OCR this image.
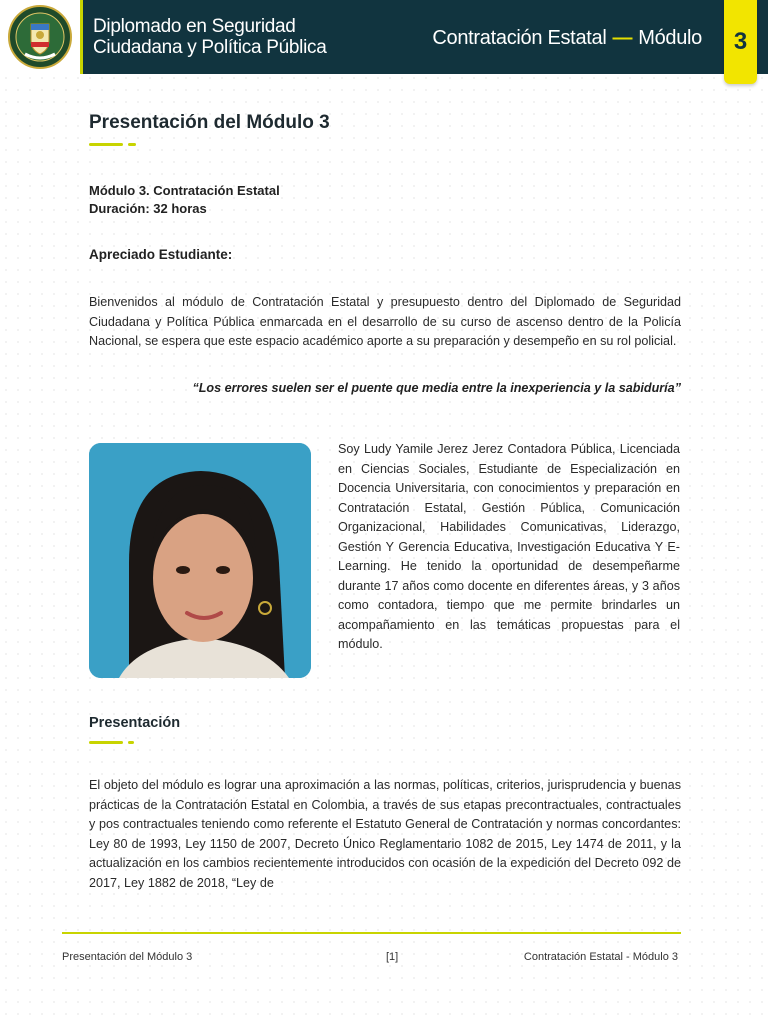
Diplomado en Seguridad
Ciudadana y Política Pública	Contratación Estatal — Módulo	3
Presentación del Módulo 3
Módulo 3. Contratación Estatal
Duración: 32 horas
Apreciado Estudiante:

Bienvenidos al módulo de Contratación Estatal y presupuesto dentro del Diplomado de Seguridad Ciudadana y Política Pública enmarcada en el desarrollo de su curso de ascenso dentro de la Policía Nacional, se espera que este espacio académico aporte a su preparación y desempeño en su rol policial.

“Los errores suelen ser el puente que media entre la inexperiencia y la sabiduría”

Soy Ludy Yamile Jerez Jerez Contadora Pública, Licenciada en Ciencias Sociales, Estudiante de Especialización en Docencia Universitaria, con conocimientos y preparación en Contratación Estatal, Gestión Pública, Comunicación Organizacional, Habilidades Comunicativas, Liderazgo, Gestión Y Gerencia Educativa, Investigación Educativa Y E-Learning. He tenido la oportunidad de desempeñarme durante 17 años como docente en diferentes áreas, y 3 años como contadora, tiempo que me permite brindarles un acompañamiento en las temáticas propuestas para el módulo.

Presentación

El objeto del módulo es lograr una aproximación a las normas, políticas, criterios, jurisprudencia y buenas prácticas de la Contratación Estatal en Colombia, a través de sus etapas precontractuales, contractuales y pos contractuales teniendo como referente el Estatuto General de Contratación y normas concordantes: Ley 80 de 1993, Ley 1150 de 2007, Decreto Único Reglamentario 1082 de 2015, Ley 1474 de 2011, y la actualización en los cambios recientemente introducidos con ocasión de la expedición del Decreto 092 de 2017, Ley 1882 de 2018, “Ley de

Presentación del Módulo 3	[1]	Contratación Estatal - Módulo 3
